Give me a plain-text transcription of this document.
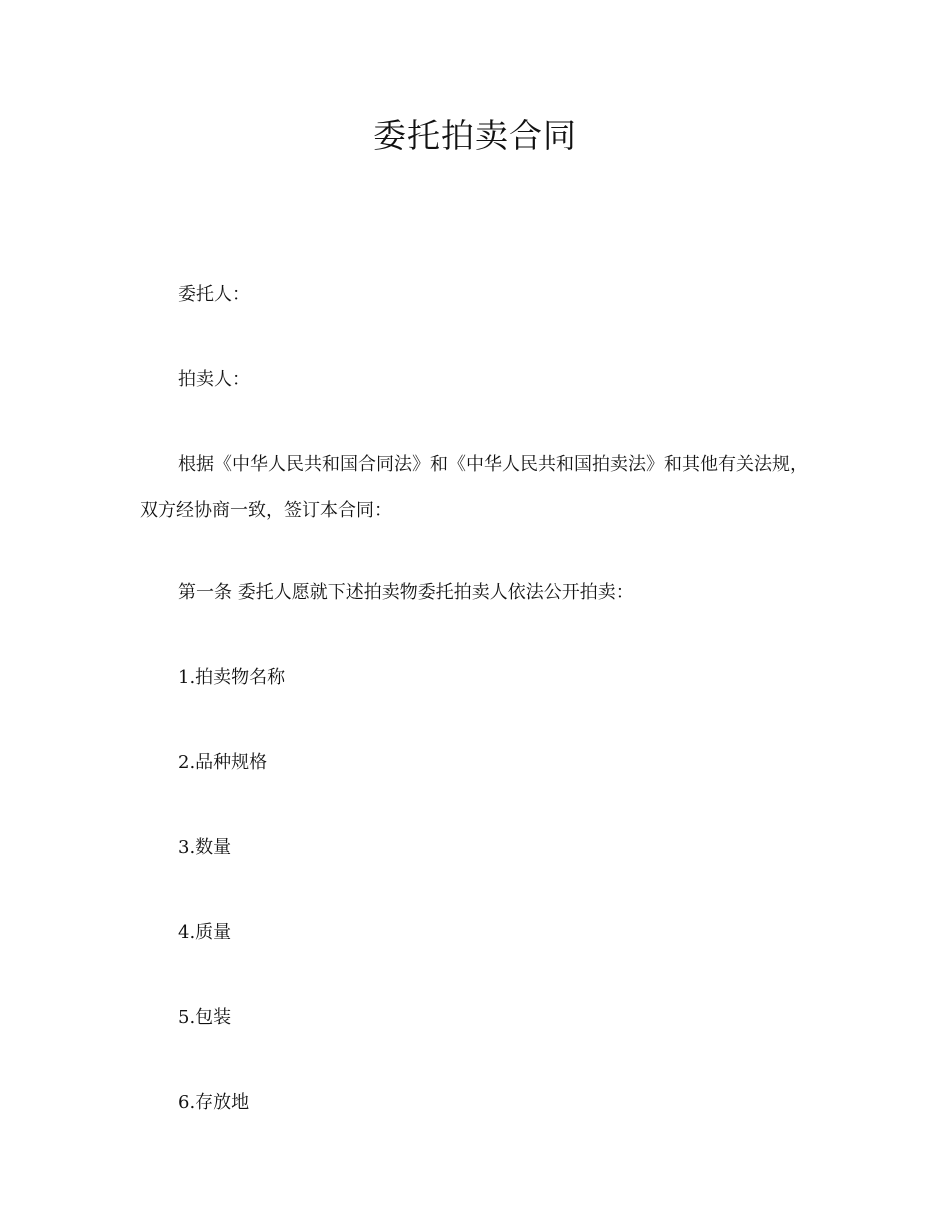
委托拍卖合同

委托人：

拍卖人：

根据《中华人民共和国合同法》和《中华人民共和国拍卖法》和其他有关法规，双方经协商一致，签订本合同：

第一条 委托人愿就下述拍卖物委托拍卖人依法公开拍卖：

1.拍卖物名称

2.品种规格

3.数量

4.质量

5.包装

6.存放地
